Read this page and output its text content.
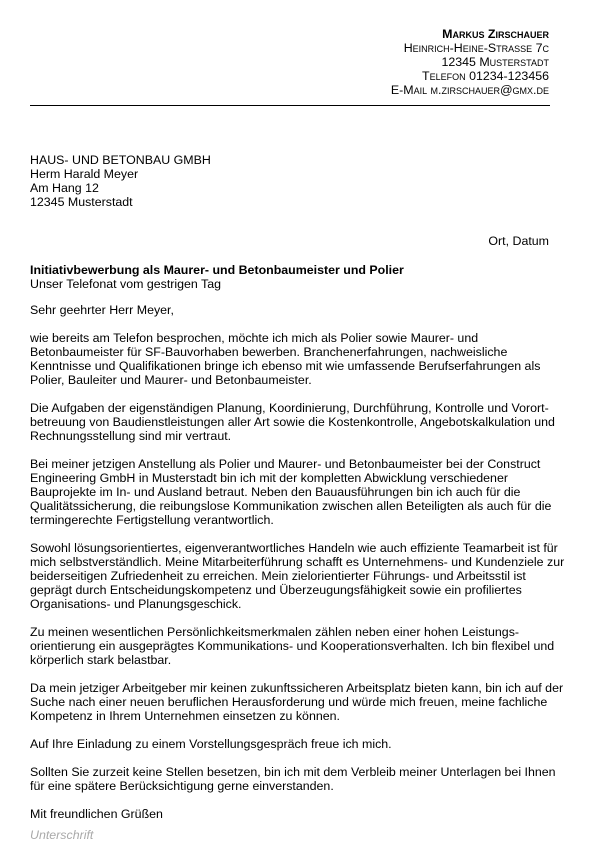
Markus Zirschauer
Heinrich-Heine-Strasse 7c
12345 Musterstadt
Telefon 01234-123456
E-Mail m.zirschauer@gmx.de
HAUS- UND BETONBAU GMBH
Herm Harald Meyer
Am Hang 12
12345 Musterstadt
Ort, Datum
Initiativbewerbung als Maurer- und Betonbaumeister und Polier
Unser Telefonat vom gestrigen Tag

Sehr geehrter Herr Meyer,

wie bereits am Telefon besprochen, möchte ich mich als Polier sowie Maurer- und
Betonbaumeister für SF-Bauvorhaben bewerben. Branchenerfahrungen, nachweisliche
Kenntnisse und Qualifikationen bringe ich ebenso mit wie umfassende Berufserfahrungen als
Polier, Bauleiter und Maurer- und Betonbaumeister.

Die Aufgaben der eigenständigen Planung, Koordinierung, Durchführung, Kontrolle und Vorort-
betreuung von Baudienstleistungen aller Art sowie die Kostenkontrolle, Angebotskalkulation und
Rechnungsstellung sind mir vertraut.

Bei meiner jetzigen Anstellung als Polier und Maurer- und Betonbaumeister bei der Construct
Engineering GmbH in Musterstadt bin ich mit der kompletten Abwicklung verschiedener
Bauprojekte im In- und Ausland betraut. Neben den Bauausführungen bin ich auch für die
Qualitätssicherung, die reibungslose Kommunikation zwischen allen Beteiligten als auch für die
termingerechte Fertigstellung verantwortlich.

Sowohl lösungsorientiertes, eigenverantwortliches Handeln wie auch effiziente Teamarbeit ist für
mich selbstverständlich. Meine Mitarbeiterführung schafft es Unternehmens- und Kundenziele zur
beiderseitigen Zufriedenheit zu erreichen. Mein zielorientierter Führungs- und Arbeitsstil ist
geprägt durch Entscheidungskompetenz und Überzeugungsfähigkeit sowie ein profiliertes
Organisations- und Planungsgeschick.

Zu meinen wesentlichen Persönlichkeitsmerkmalen zählen neben einer hohen Leistungs-
orientierung ein ausgeprägtes Kommunikations- und Kooperationsverhalten. Ich bin flexibel und
körperlich stark belastbar.

Da mein jetziger Arbeitgeber mir keinen zukunftssicheren Arbeitsplatz bieten kann, bin ich auf der
Suche nach einer neuen beruflichen Herausforderung und würde mich freuen, meine fachliche
Kompetenz in Ihrem Unternehmen einsetzen zu können.

Auf Ihre Einladung zu einem Vorstellungsgespräch freue ich mich.

Sollten Sie zurzeit keine Stellen besetzen, bin ich mit dem Verbleib meiner Unterlagen bei Ihnen
für eine spätere Berücksichtigung gerne einverstanden.

Mit freundlichen Grüßen

Unterschrift
